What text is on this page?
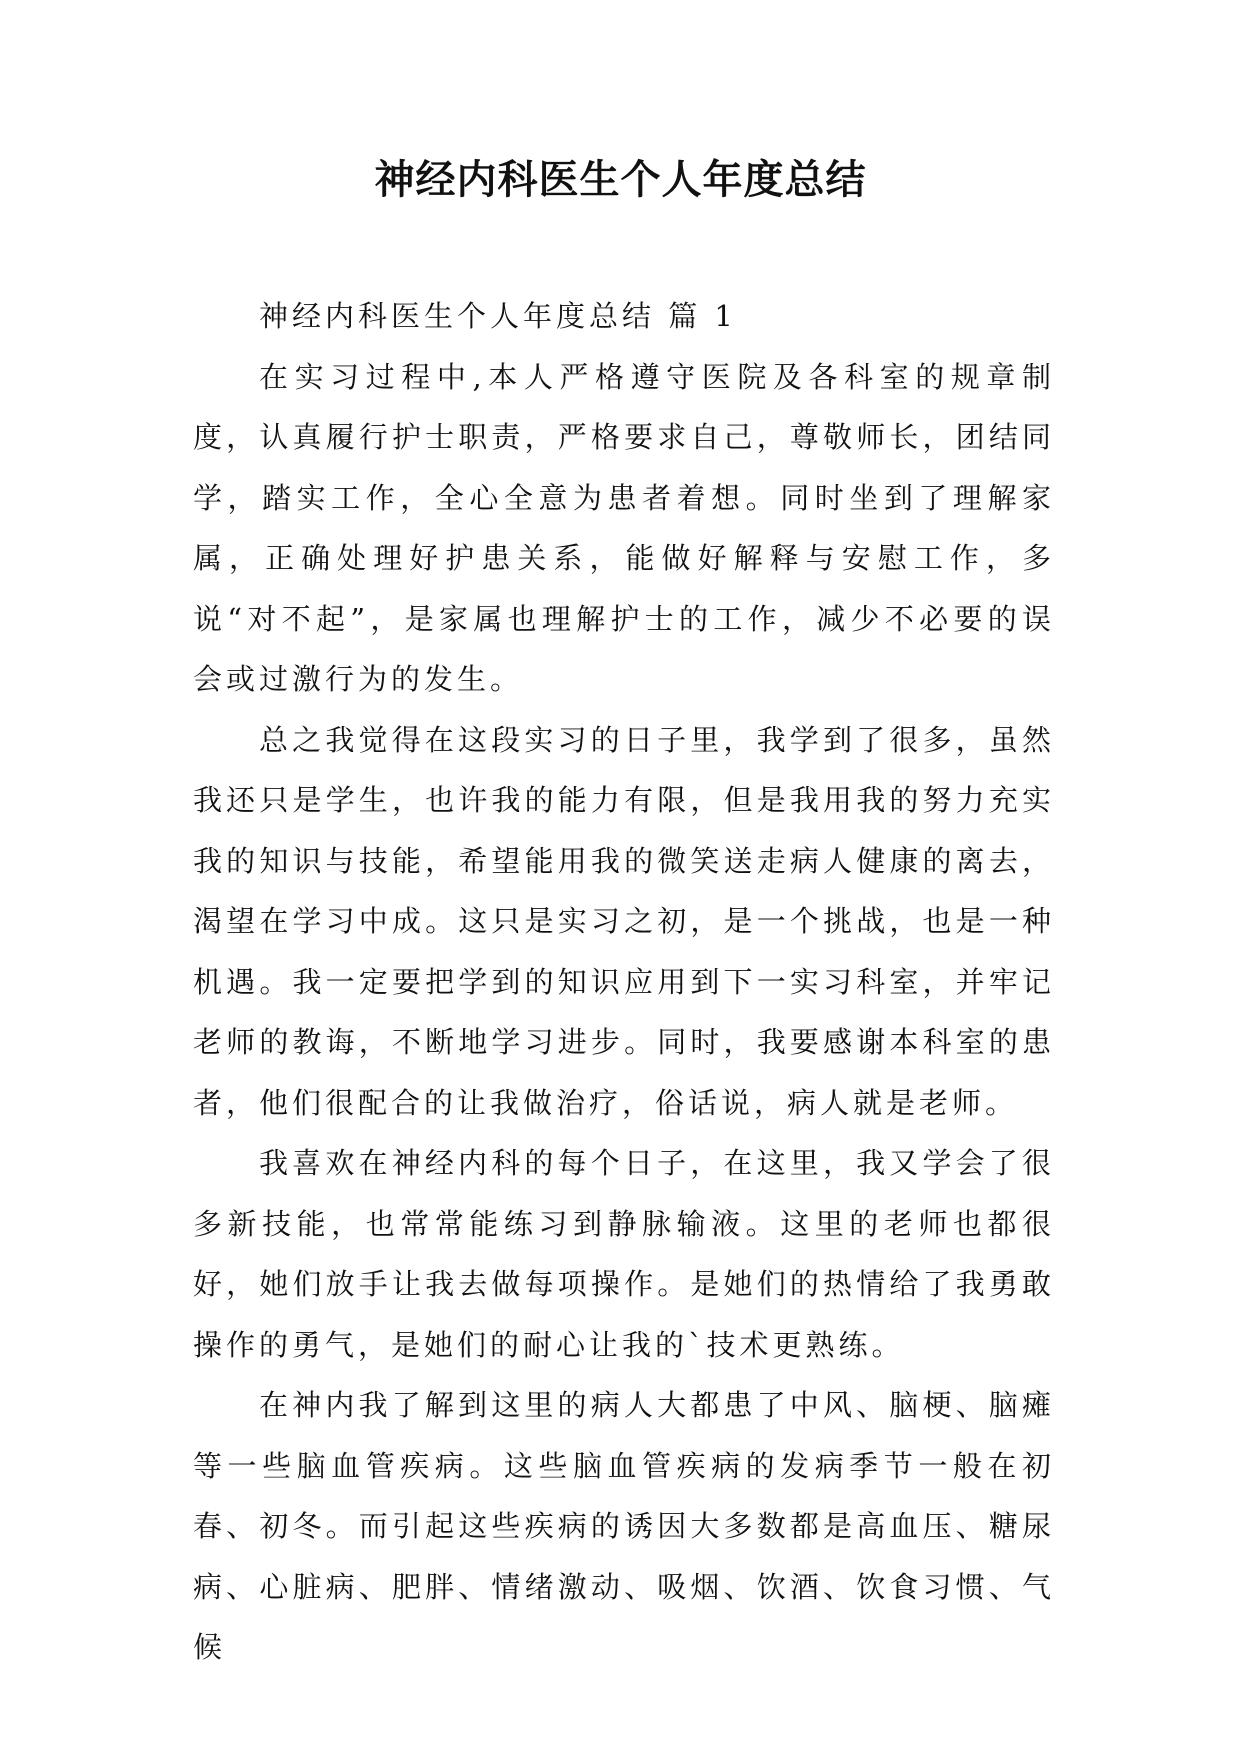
神经内科医生个人年度总结

神经内科医生个人年度总结 篇 1

在实习过程中,本人严格遵守医院及各科室的规章制度，认真履行护士职责，严格要求自己，尊敬师长，团结同学，踏实工作，全心全意为患者着想。同时坐到了理解家属，正确处理好护患关系，能做好解释与安慰工作，多说“对不起”，是家属也理解护士的工作，减少不必要的误会或过激行为的发生。

总之我觉得在这段实习的日子里，我学到了很多，虽然我还只是学生，也许我的能力有限，但是我用我的努力充实我的知识与技能，希望能用我的微笑送走病人健康的离去，渴望在学习中成。这只是实习之初，是一个挑战，也是一种机遇。我一定要把学到的知识应用到下一实习科室，并牢记老师的教诲，不断地学习进步。同时，我要感谢本科室的患者，他们很配合的让我做治疗，俗话说，病人就是老师。

我喜欢在神经内科的每个日子，在这里，我又学会了很多新技能，也常常能练习到静脉输液。这里的老师也都很好，她们放手让我去做每项操作。是她们的热情给了我勇敢操作的勇气，是她们的耐心让我的`技术更熟练。

在神内我了解到这里的病人大都患了中风、脑梗、脑瘫等一些脑血管疾病。这些脑血管疾病的发病季节一般在初春、初冬。而引起这些疾病的诱因大多数都是高血压、糖尿病、心脏病、肥胖、情绪激动、吸烟、饮酒、饮食习惯、气候
